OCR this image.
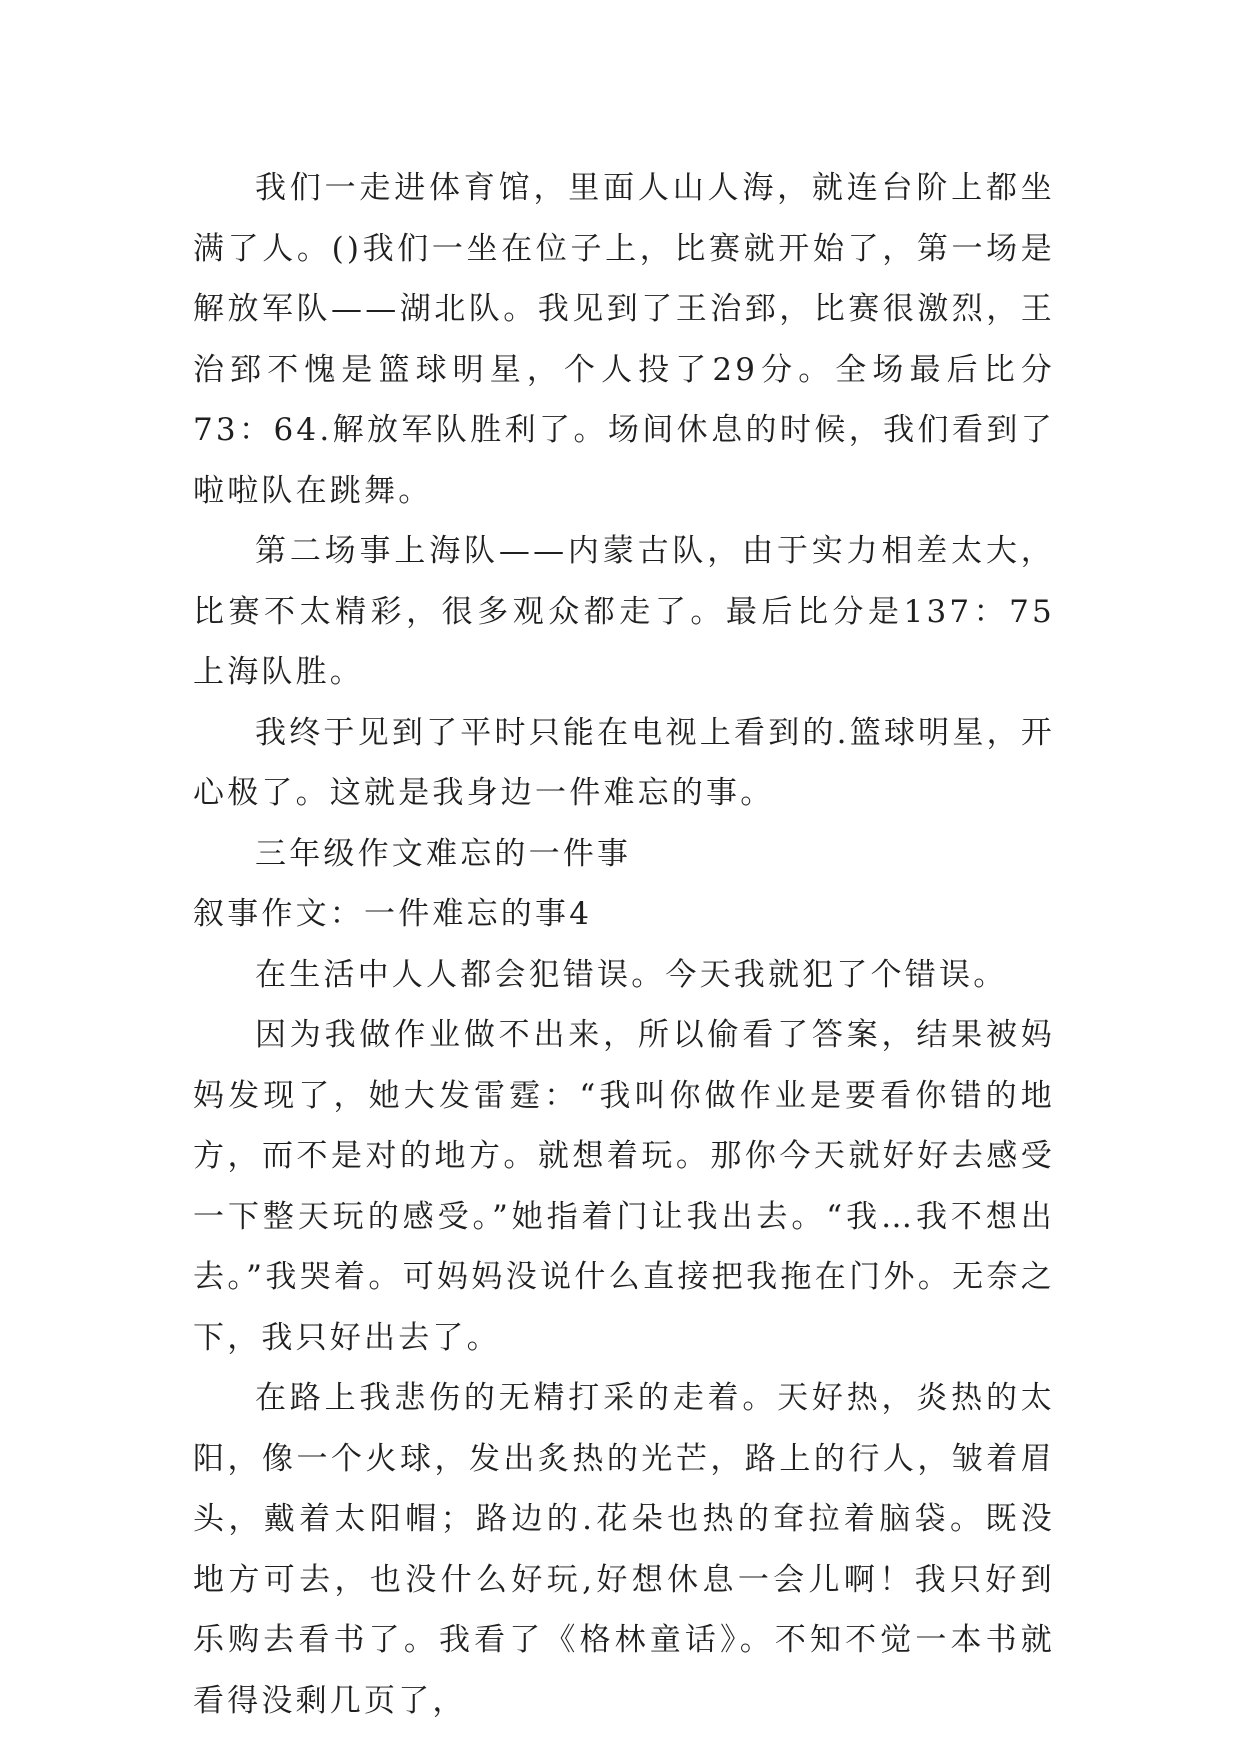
我们一走进体育馆，里面人山人海，就连台阶上都坐满了人。()我们一坐在位子上，比赛就开始了，第一场是解放军队——湖北队。我见到了王治郅，比赛很激烈，王治郅不愧是篮球明星，个人投了29分。全场最后比分73：64.解放军队胜利了。场间休息的时候，我们看到了啦啦队在跳舞。

第二场事上海队——内蒙古队，由于实力相差太大，比赛不太精彩，很多观众都走了。最后比分是137：75上海队胜。

我终于见到了平时只能在电视上看到的.篮球明星，开心极了。这就是我身边一件难忘的事。

三年级作文难忘的一件事

叙事作文：一件难忘的事4

在生活中人人都会犯错误。今天我就犯了个错误。

因为我做作业做不出来，所以偷看了答案，结果被妈妈发现了，她大发雷霆：“我叫你做作业是要看你错的地方，而不是对的地方。就想着玩。那你今天就好好去感受一下整天玩的感受。”她指着门让我出去。“我…我不想出去。”我哭着。可妈妈没说什么直接把我拖在门外。无奈之下，我只好出去了。

在路上我悲伤的无精打采的走着。天好热，炎热的太阳，像一个火球，发出炙热的光芒，路上的行人，皱着眉头，戴着太阳帽；路边的.花朵也热的耷拉着脑袋。既没地方可去，也没什么好玩,好想休息一会儿啊！我只好到乐购去看书了。我看了《格林童话》。不知不觉一本书就看得没剩几页了，
